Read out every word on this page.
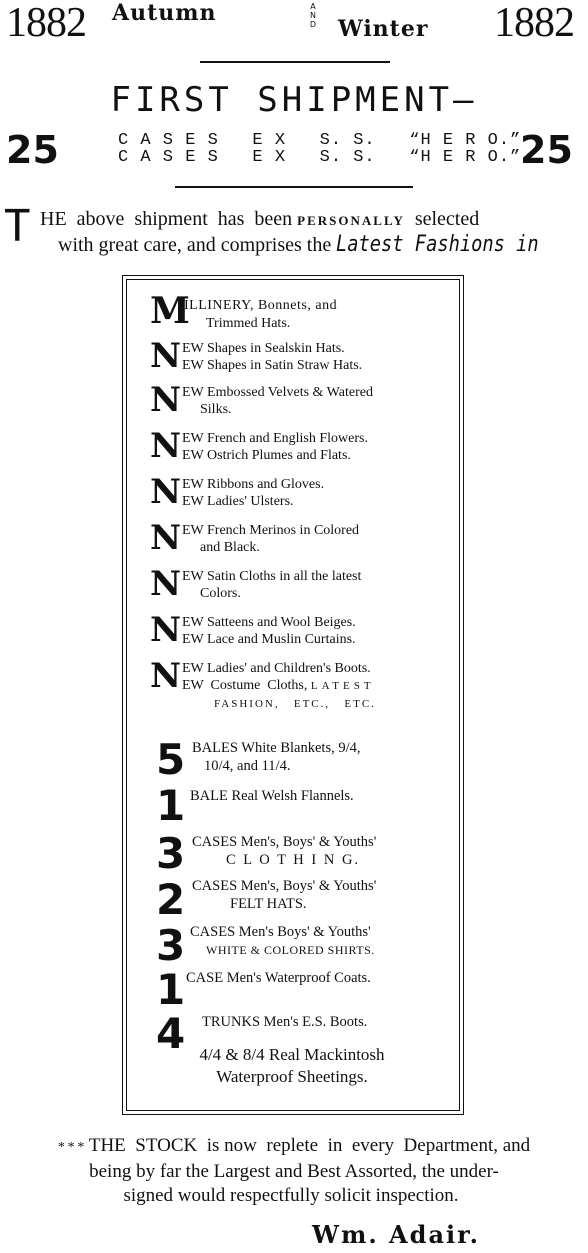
1882 Autumn	A
N
D Winter 1882
FIRST SHIPMENT—
25	C A S E S   E X   S. S.   “H E R O.”
C A S E S   E X   S. S.   “H E R O.”
25
T HE  above  shipment  has  been PERSONALLY  selected
with great care, and comprises the Latest Fashions in
M
ILLINERY, Bonnets, and
Trimmed Hats.
N EW Shapes in Sealskin Hats.
EW Shapes in Satin Straw Hats.
N EW Embossed Velvets & Watered
Silks.
N EW French and English Flowers.
EW Ostrich Plumes and Flats.
N EW Ribbons and Gloves.
EW Ladies' Ulsters.
N EW French Merinos in Colored
and Black.
N EW Satin Cloths in all the latest
Colors.
N EW Satteens and Wool Beiges.
EW Lace and Muslin Curtains.
N EW Ladies' and Children's Boots.
EW  Costume  Cloths, LATEST
FASHION,   ETC.,   ETC.
5 BALES White Blankets, 9/4,
10/4, and 11/4.
1 BALE Real Welsh Flannels.
3 CASES Men's, Boys' & Youths'
C L O T H I N G.
2 CASES Men's, Boys' & Youths'
FELT HATS.
3 CASES Men's Boys' & Youths'
WHITE & COLORED SHIRTS.
1 CASE Men's Waterproof Coats.
4 TRUNKS Men's E.S. Boots.
4/4 & 8/4 Real Mackintosh
Waterproof Sheetings.
* * * THE  STOCK  is now  replete  in  every  Department, and
being by far the Largest and Best Assorted, the under-
signed would respectfully solicit inspection.
Wm. Adair.
